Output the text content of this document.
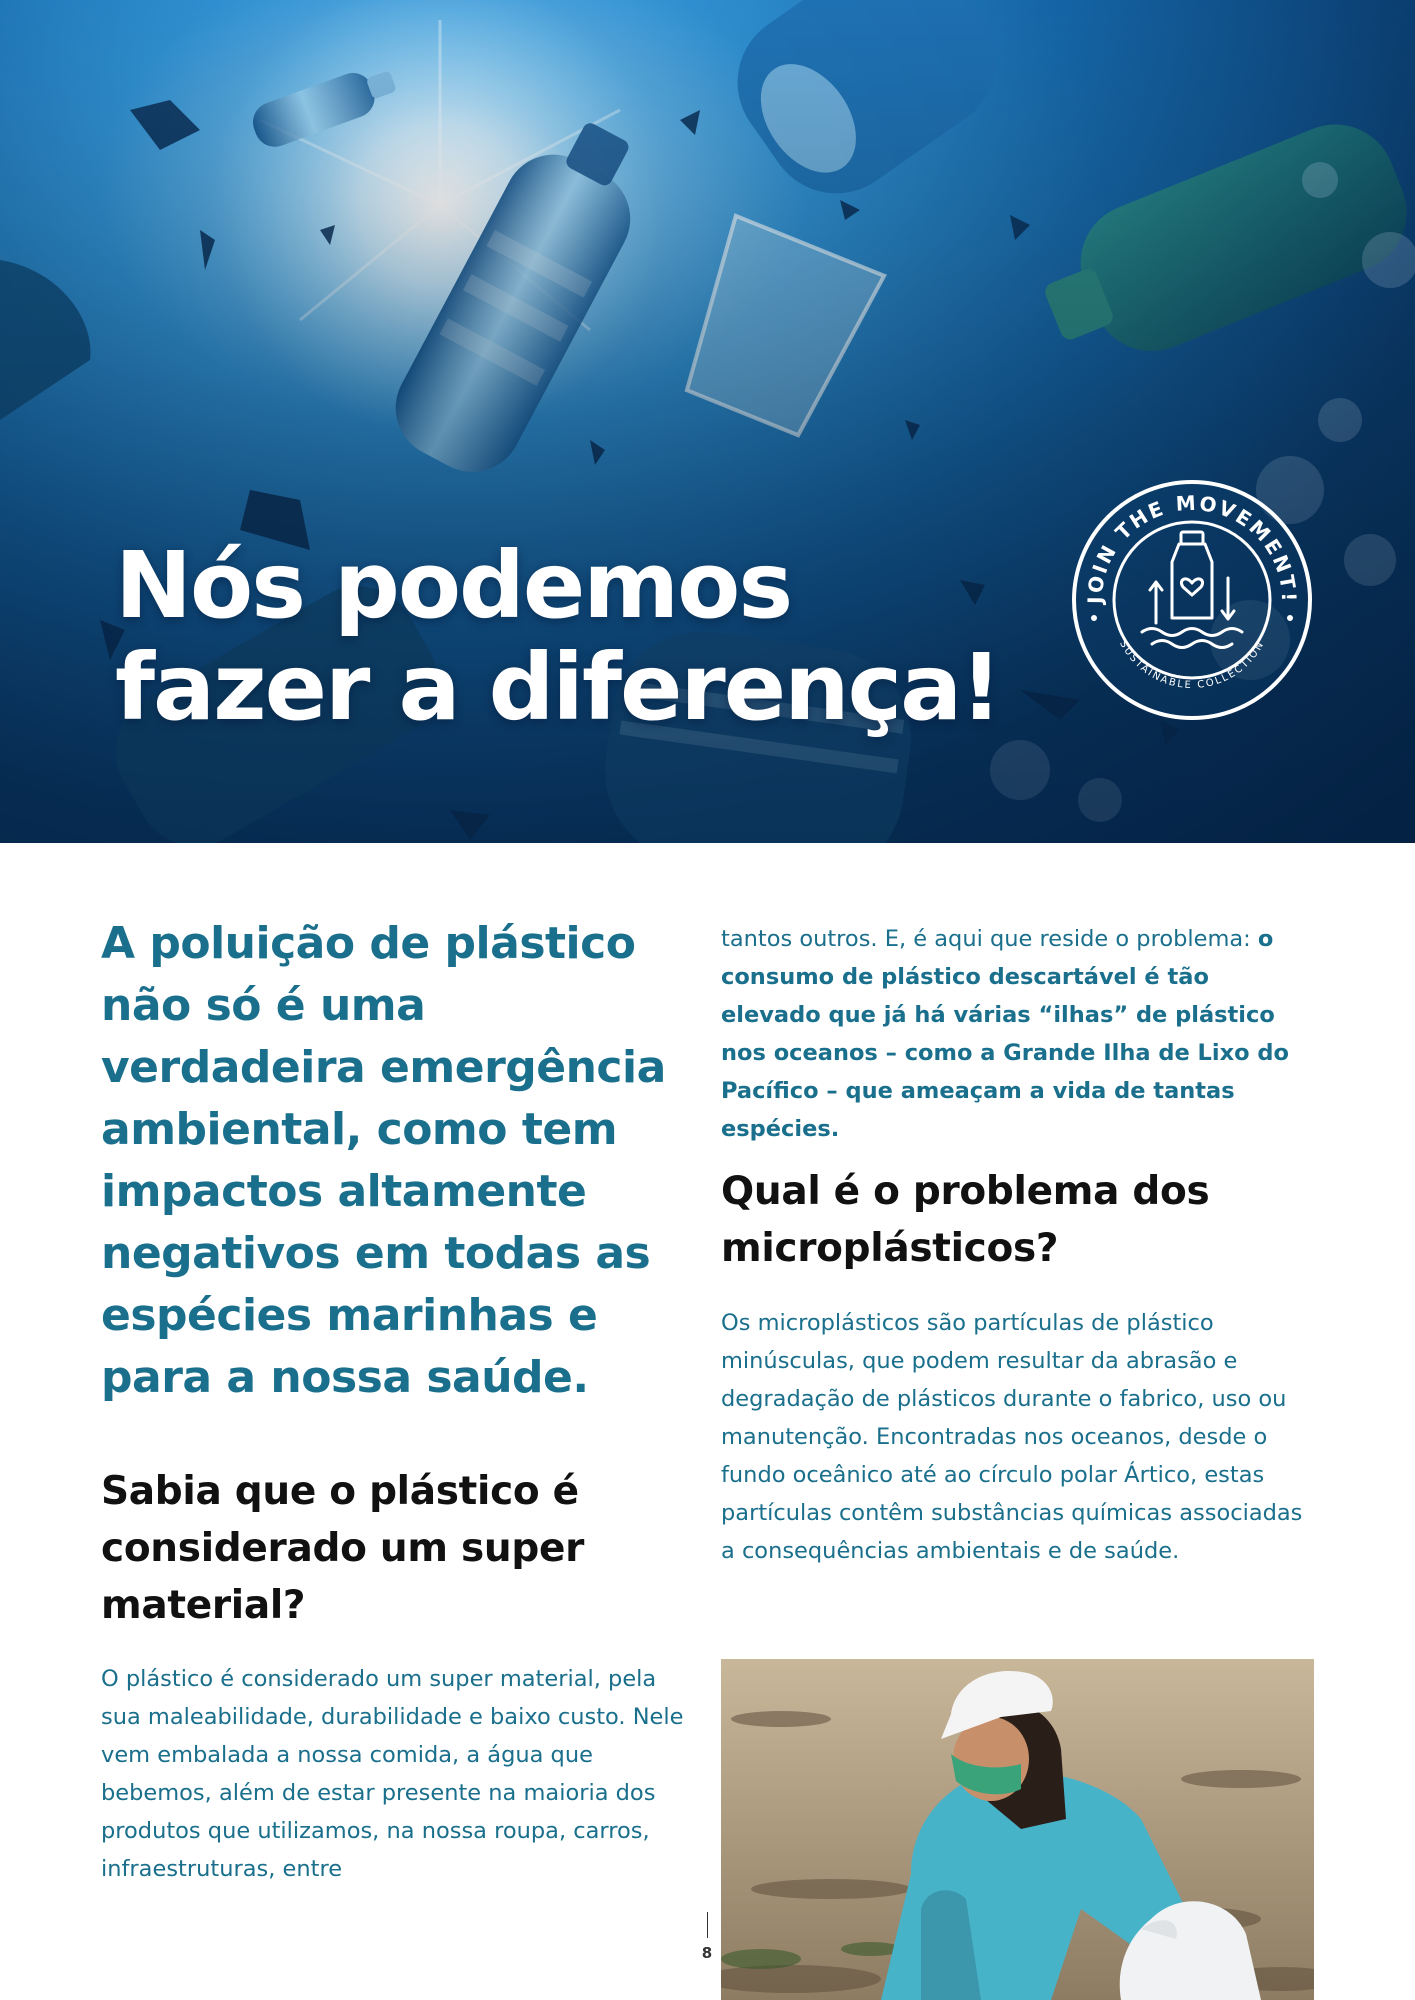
Nós podemos
fazer a diferença!
JOIN THE MOVEMENT!
SUSTAINABLE COLLECTION

A poluição de plástico não só é uma verdadeira emergência ambiental, como tem impactos altamente negativos em todas as espécies marinhas e para a nossa saúde.

Sabia que o plástico é considerado um super material?

O plástico é considerado um super material, pela sua maleabilidade, durabilidade e baixo custo. Nele vem embalada a nossa comida, a água que bebemos, além de estar presente na maioria dos produtos que utilizamos, na nossa roupa, carros, infraestruturas, entre

tantos outros. E, é aqui que reside o problema: o consumo de plástico descartável é tão elevado que já há várias “ilhas” de plástico nos oceanos – como a Grande Ilha de Lixo do Pacífico – que ameaçam a vida de tantas espécies.

Qual é o problema dos microplásticos?

Os microplásticos são partículas de plástico minúsculas, que podem resultar da abrasão e degradação de plásticos durante o fabrico, uso ou manutenção. Encontradas nos oceanos, desde o fundo oceânico até ao círculo polar Ártico, estas partículas contêm substâncias químicas associadas a consequências ambientais e de saúde.

8
